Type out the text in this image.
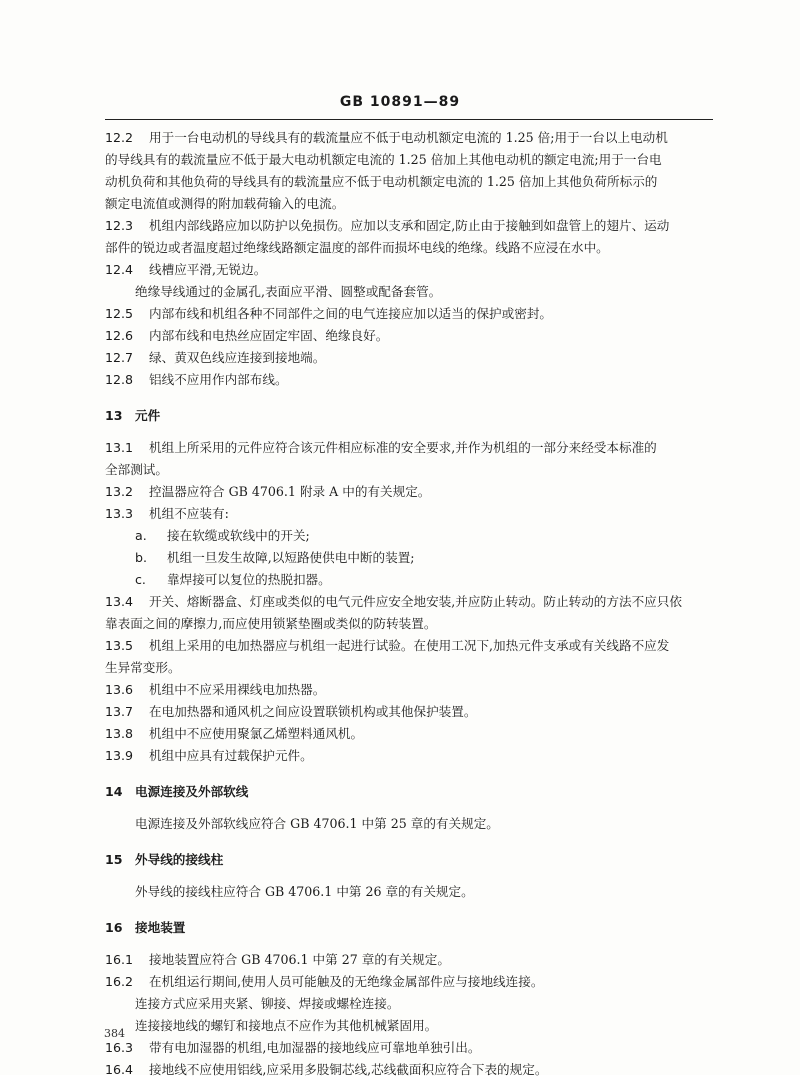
GB 10891—89

12.2 用于一台电动机的导线具有的载流量应不低于电动机额定电流的 1.25 倍;用于一台以上电动机

的导线具有的载流量应不低于最大电动机额定电流的 1.25 倍加上其他电动机的额定电流;用于一台电

动机负荷和其他负荷的导线具有的载流量应不低于电动机额定电流的 1.25 倍加上其他负荷所标示的

额定电流值或测得的附加载荷输入的电流。

12.3 机组内部线路应加以防护以免损伤。应加以支承和固定,防止由于接触到如盘管上的翅片、运动

部件的锐边或者温度超过绝缘线路额定温度的部件而损坏电线的绝缘。线路不应浸在水中。

12.4 线槽应平滑,无锐边。

绝缘导线通过的金属孔,表面应平滑、圆整或配备套管。

12.5 内部布线和机组各种不同部件之间的电气连接应加以适当的保护或密封。

12.6 内部布线和电热丝应固定牢固、绝缘良好。

12.7 绿、黄双色线应连接到接地端。

12.8 铝线不应用作内部布线。

13 元件

13.1 机组上所采用的元件应符合该元件相应标准的安全要求,并作为机组的一部分来经受本标准的

全部测试。

13.2 控温器应符合 GB 4706.1 附录 A 中的有关规定。

13.3 机组不应装有:

a. 接在软缆或软线中的开关;

b. 机组一旦发生故障,以短路使供电中断的装置;

c. 靠焊接可以复位的热脱扣器。

13.4 开关、熔断器盒、灯座或类似的电气元件应安全地安装,并应防止转动。防止转动的方法不应只依

靠表面之间的摩擦力,而应使用锁紧垫圈或类似的防转装置。

13.5 机组上采用的电加热器应与机组一起进行试验。在使用工况下,加热元件支承或有关线路不应发

生异常变形。

13.6 机组中不应采用裸线电加热器。

13.7 在电加热器和通风机之间应设置联锁机构或其他保护装置。

13.8 机组中不应使用聚氯乙烯塑料通风机。

13.9 机组中应具有过载保护元件。

14 电源连接及外部软线

电源连接及外部软线应符合 GB 4706.1 中第 25 章的有关规定。

15 外导线的接线柱

外导线的接线柱应符合 GB 4706.1 中第 26 章的有关规定。

16 接地装置

16.1 接地装置应符合 GB 4706.1 中第 27 章的有关规定。

16.2 在机组运行期间,使用人员可能触及的无绝缘金属部件应与接地线连接。

连接方式应采用夹紧、铆接、焊接或螺栓连接。

连接接地线的螺钉和接地点不应作为其他机械紧固用。

16.3 带有电加湿器的机组,电加湿器的接地线应可靠地单独引出。

16.4 接地线不应使用铝线,应采用多股铜芯线,芯线截面积应符合下表的规定。

384
